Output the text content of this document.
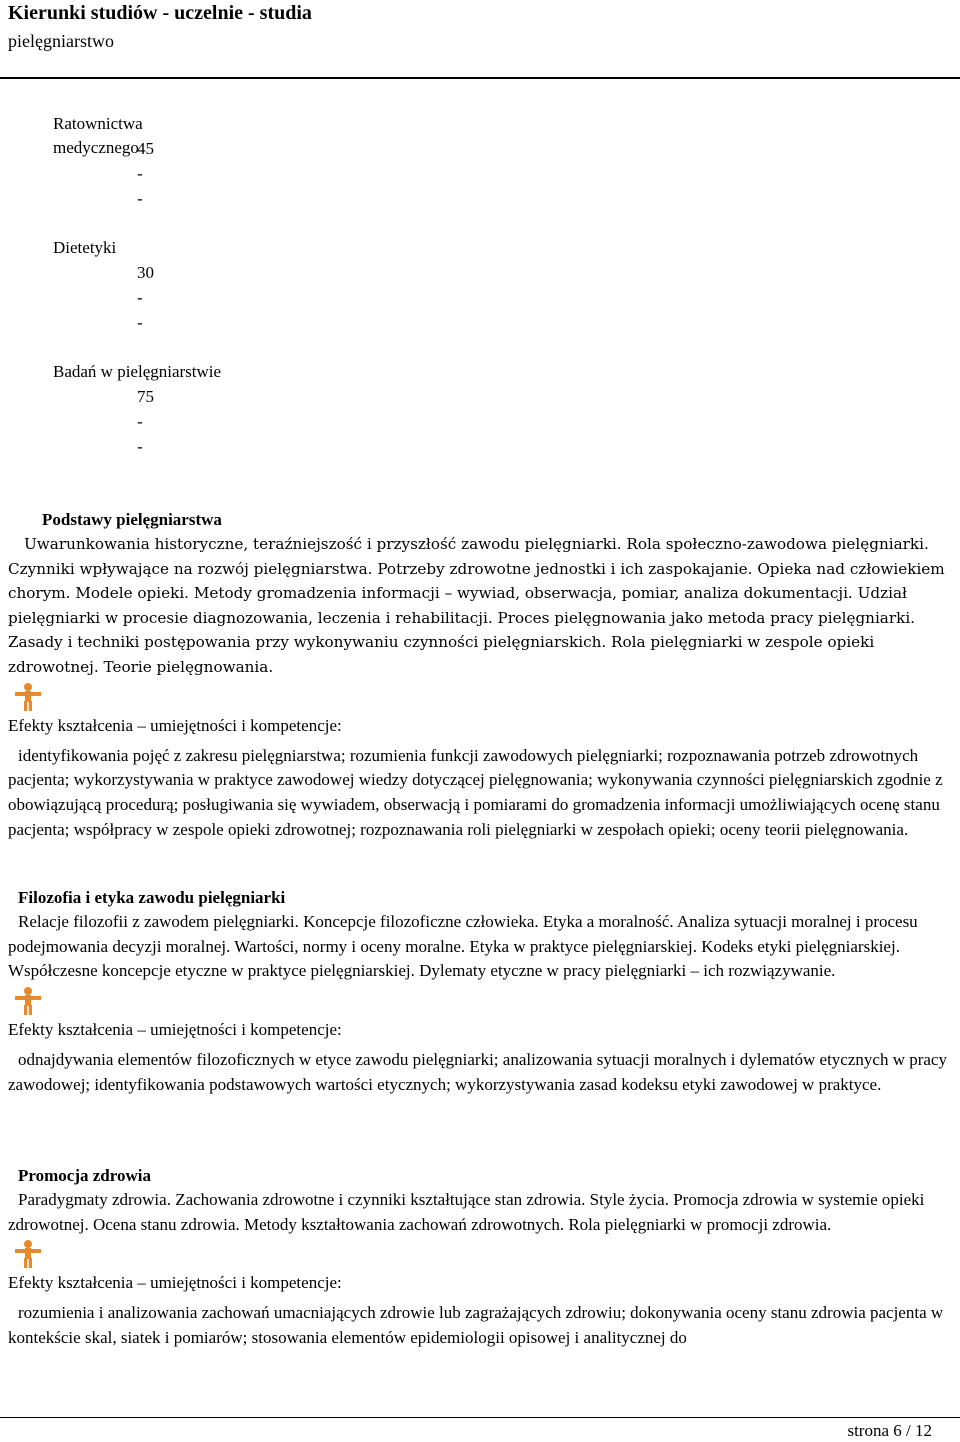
Kierunki studiów - uczelnie - studia
pielęgniarstwo
Ratownictwa medycznego
45
-
-
Dietetyki
30
-
-
Badań w pielęgniarstwie
75
-
-
Podstawy pielęgniarstwa

Uwarunkowania historyczne, teraźniejszość i przyszłość zawodu pielęgniarki. Rola społeczno-zawodowa pielęgniarki. Czynniki wpływające na rozwój pielęgniarstwa. Potrzeby zdrowotne jednostki i ich zaspokajanie. Opieka nad człowiekiem chorym. Modele opieki. Metody gromadzenia informacji – wywiad, obserwacja, pomiar, analiza dokumentacji. Udział pielęgniarki w procesie diagnozowania, leczenia i rehabilitacji. Proces pielęgnowania jako metoda pracy pielęgniarki. Zasady i techniki postępowania przy wykonywaniu czynności pielęgniarskich. Rola pielęgniarki w zespole opieki zdrowotnej. Teorie pielęgnowania.

Efekty kształcenia – umiejętności i kompetencje:

identyfikowania pojęć z zakresu pielęgniarstwa; rozumienia funkcji zawodowych pielęgniarki; rozpoznawania potrzeb zdrowotnych pacjenta; wykorzystywania w praktyce zawodowej wiedzy dotyczącej pielęgnowania; wykonywania czynności pielęgniarskich zgodnie z obowiązującą procedurą; posługiwania się wywiadem, obserwacją i pomiarami do gromadzenia informacji umożliwiających ocenę stanu pacjenta; współpracy w zespole opieki zdrowotnej; rozpoznawania roli pielęgniarki w zespołach opieki; oceny teorii pielęgnowania.

Filozofia i etyka zawodu pielęgniarki

Relacje filozofii z zawodem pielęgniarki. Koncepcje filozoficzne człowieka. Etyka a moralność. Analiza sytuacji moralnej i procesu podejmowania decyzji moralnej. Wartości, normy i oceny moralne. Etyka w praktyce pielęgniarskiej. Kodeks etyki pielęgniarskiej. Współczesne koncepcje etyczne w praktyce pielęgniarskiej. Dylematy etyczne w pracy pielęgniarki – ich rozwiązywanie.

Efekty kształcenia – umiejętności i kompetencje:

odnajdywania elementów filozoficznych w etyce zawodu pielęgniarki; analizowania sytuacji moralnych i dylematów etycznych w pracy zawodowej; identyfikowania podstawowych wartości etycznych; wykorzystywania zasad kodeksu etyki zawodowej w praktyce.

Promocja zdrowia

Paradygmaty zdrowia. Zachowania zdrowotne i czynniki kształtujące stan zdrowia. Style życia. Promocja zdrowia w systemie opieki zdrowotnej. Ocena stanu zdrowia. Metody kształtowania zachowań zdrowotnych. Rola pielęgniarki w promocji zdrowia.

Efekty kształcenia – umiejętności i kompetencje:

rozumienia i analizowania zachowań umacniających zdrowie lub zagrażających zdrowiu; dokonywania oceny stanu zdrowia pacjenta w kontekście skal, siatek i pomiarów; stosowania elementów epidemiologii opisowej i analitycznej do

strona 6 / 12
